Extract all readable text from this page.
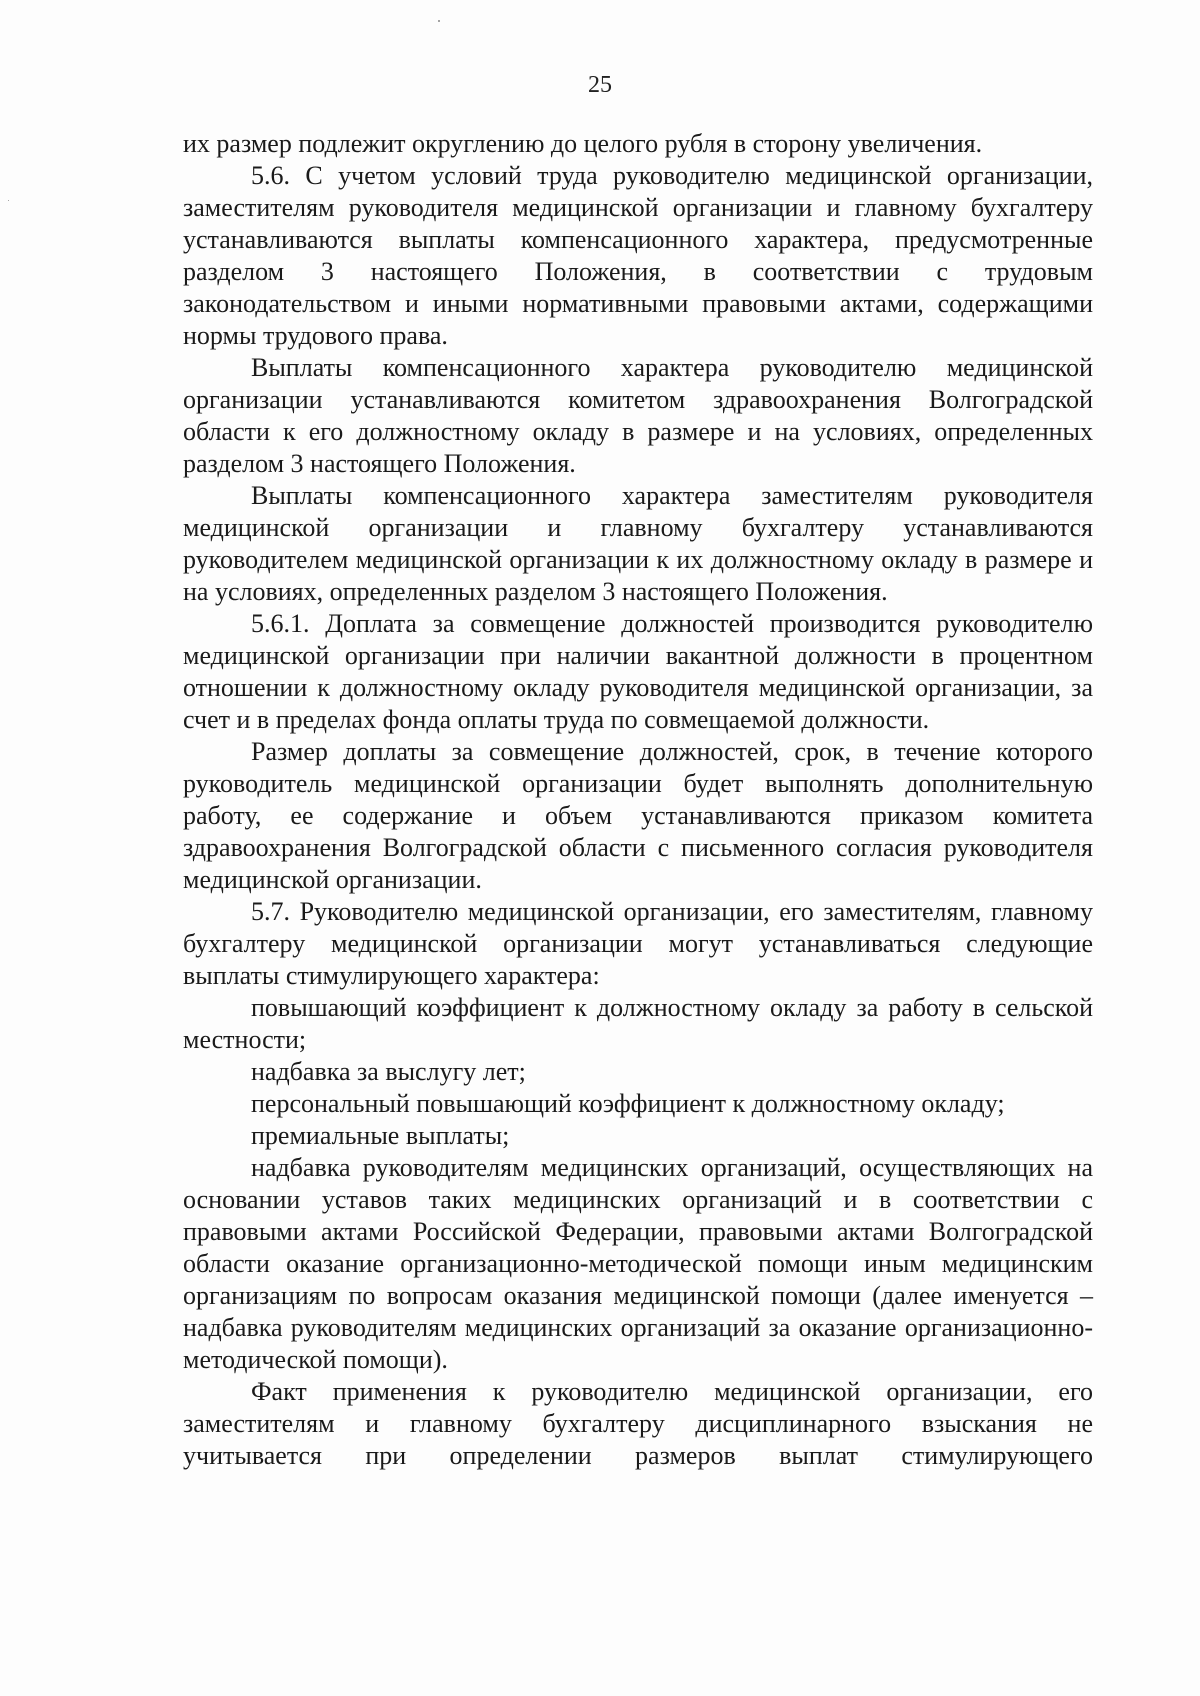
25

их размер подлежит округлению до целого рубля в сторону увеличения.

5.6. С учетом условий труда руководителю медицинской организации, заместителям руководителя медицинской организации и главному бухгалтеру устанавливаются выплаты компенсационного характера, предусмотренные разделом 3 настоящего Положения, в соответствии с трудовым законодательством и иными нормативными правовыми актами, содержащими нормы трудового права.

Выплаты компенсационного характера руководителю медицинской организации устанавливаются комитетом здравоохранения Волгоградской области к его должностному окладу в размере и на условиях, определенных разделом 3 настоящего Положения.

Выплаты компенсационного характера заместителям руководителя медицинской организации и главному бухгалтеру устанавливаются руководителем медицинской организации к их должностному окладу в размере и на условиях, определенных разделом 3 настоящего Положения.

5.6.1. Доплата за совмещение должностей производится руководителю медицинской организации при наличии вакантной должности в процентном отношении к должностному окладу руководителя медицинской организации, за счет и в пределах фонда оплаты труда по совмещаемой должности.

Размер доплаты за совмещение должностей, срок, в течение которого руководитель медицинской организации будет выполнять дополнительную работу, ее содержание и объем устанавливаются приказом комитета здравоохранения Волгоградской области с письменного согласия руководителя медицинской организации.

5.7. Руководителю медицинской организации, его заместителям, главному бухгалтеру медицинской организации могут устанавливаться следующие выплаты стимулирующего характера:

повышающий коэффициент к должностному окладу за работу в сельской местности;

надбавка за выслугу лет;

персональный повышающий коэффициент к должностному окладу;

премиальные выплаты;

надбавка руководителям медицинских организаций, осуществляющих на основании уставов таких медицинских организаций и в соответствии с правовыми актами Российской Федерации, правовыми актами Волгоградской области оказание организационно-методической помощи иным медицинским организациям по вопросам оказания медицинской помощи (далее именуется – надбавка руководителям медицинских организаций за оказание организационно-методической помощи).

Факт применения к руководителю медицинской организации, его заместителям и главному бухгалтеру дисциплинарного взыскания не учитывается при определении размеров выплат стимулирующего
